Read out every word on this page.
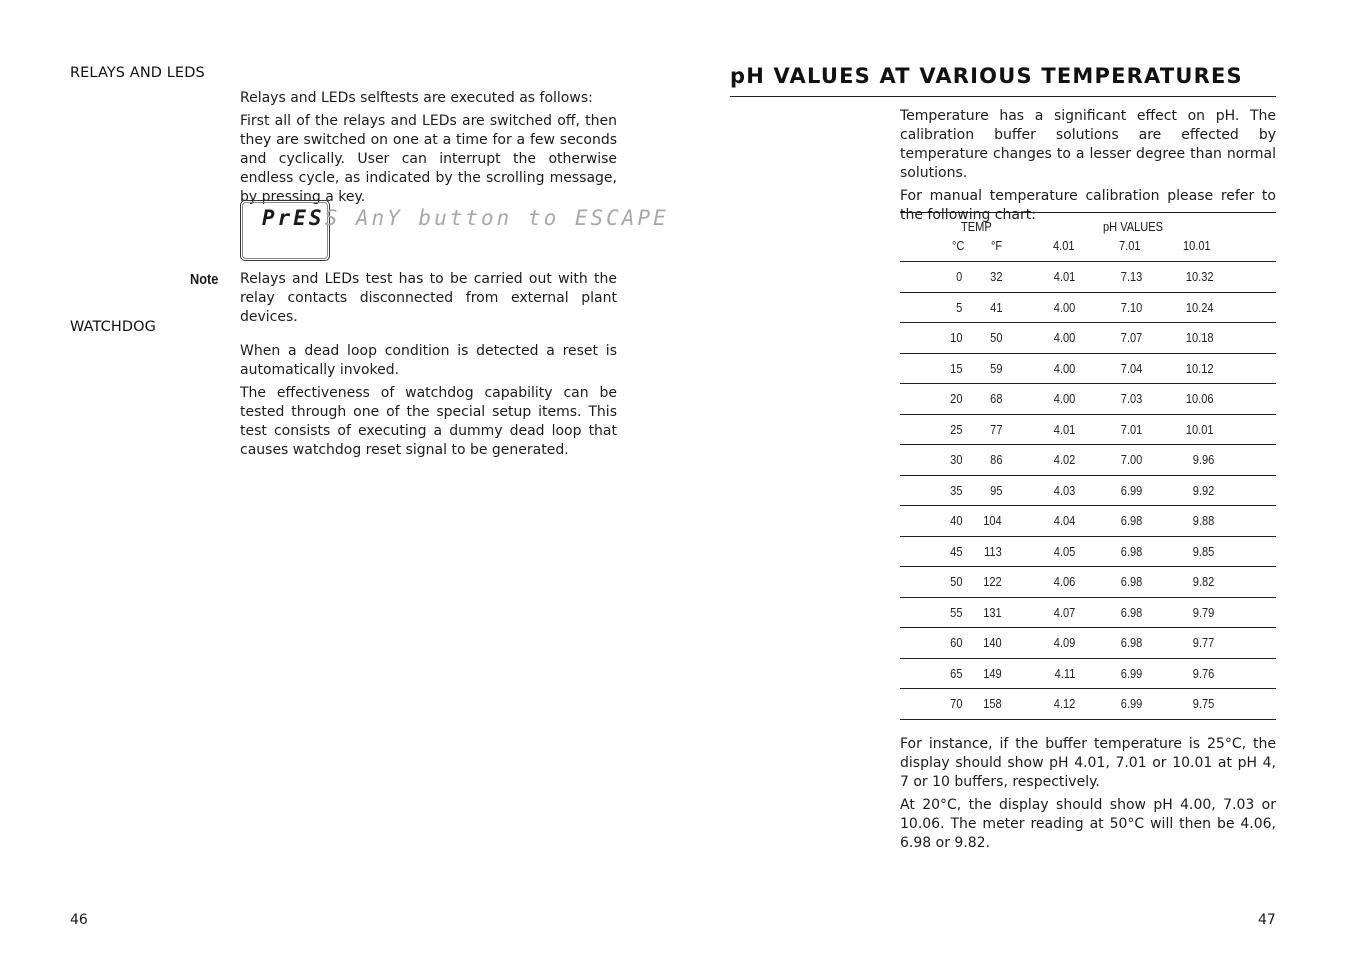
RELAYS AND LEDS

Relays and LEDs selftests are executed as follows:

First all of the relays and LEDs are switched off, then they are switched on one at a time for a few seconds and cyclically. User can interrupt the otherwise endless cycle, as indicated by the scrolling message, by pressing a key.

PrESS AnY button to ESCAPE
Note Relays and LEDs test has to be carried out with the relay contacts disconnected from external plant devices.

WATCHDOG

When a dead loop condition is detected a reset is automatically invoked.

The effectiveness of watchdog capability can be tested through one of the special setup items. This test consists of executing a dummy dead loop that causes watchdog reset signal to be generated.

46
pH VALUES AT VARIOUS TEMPERATURES

Temperature has a significant effect on pH. The calibration buffer solutions are effected by temperature changes to a lesser degree than normal solutions.

For manual temperature calibration please refer to the following chart:

TEMP	pH VALUES
°C °F	4.01	7.01	10.01
0	32	4.01	7.13	10.32	
5	41	4.00	7.10	10.24	
10	50	4.00	7.07	10.18	
15	59	4.00	7.04	10.12	
20	68	4.00	7.03	10.06	
25	77	4.01	7.01	10.01	
30	86	4.02	7.00	9.96	
35	95	4.03	6.99	9.92	
40	104	4.04	6.98	9.88	
45	113	4.05	6.98	9.85	
50	122	4.06	6.98	9.82	
55	131	4.07	6.98	9.79	
60	140	4.09	6.98	9.77	
65	149	4.11	6.99	9.76	
70	158	4.12	6.99	9.75	

For instance, if the buffer temperature is 25°C, the display should show pH 4.01, 7.01 or 10.01 at pH 4, 7 or 10 buffers, respectively.

At 20°C, the display should show pH 4.00, 7.03 or 10.06. The meter reading at 50°C will then be 4.06, 6.98 or 9.82.

47
